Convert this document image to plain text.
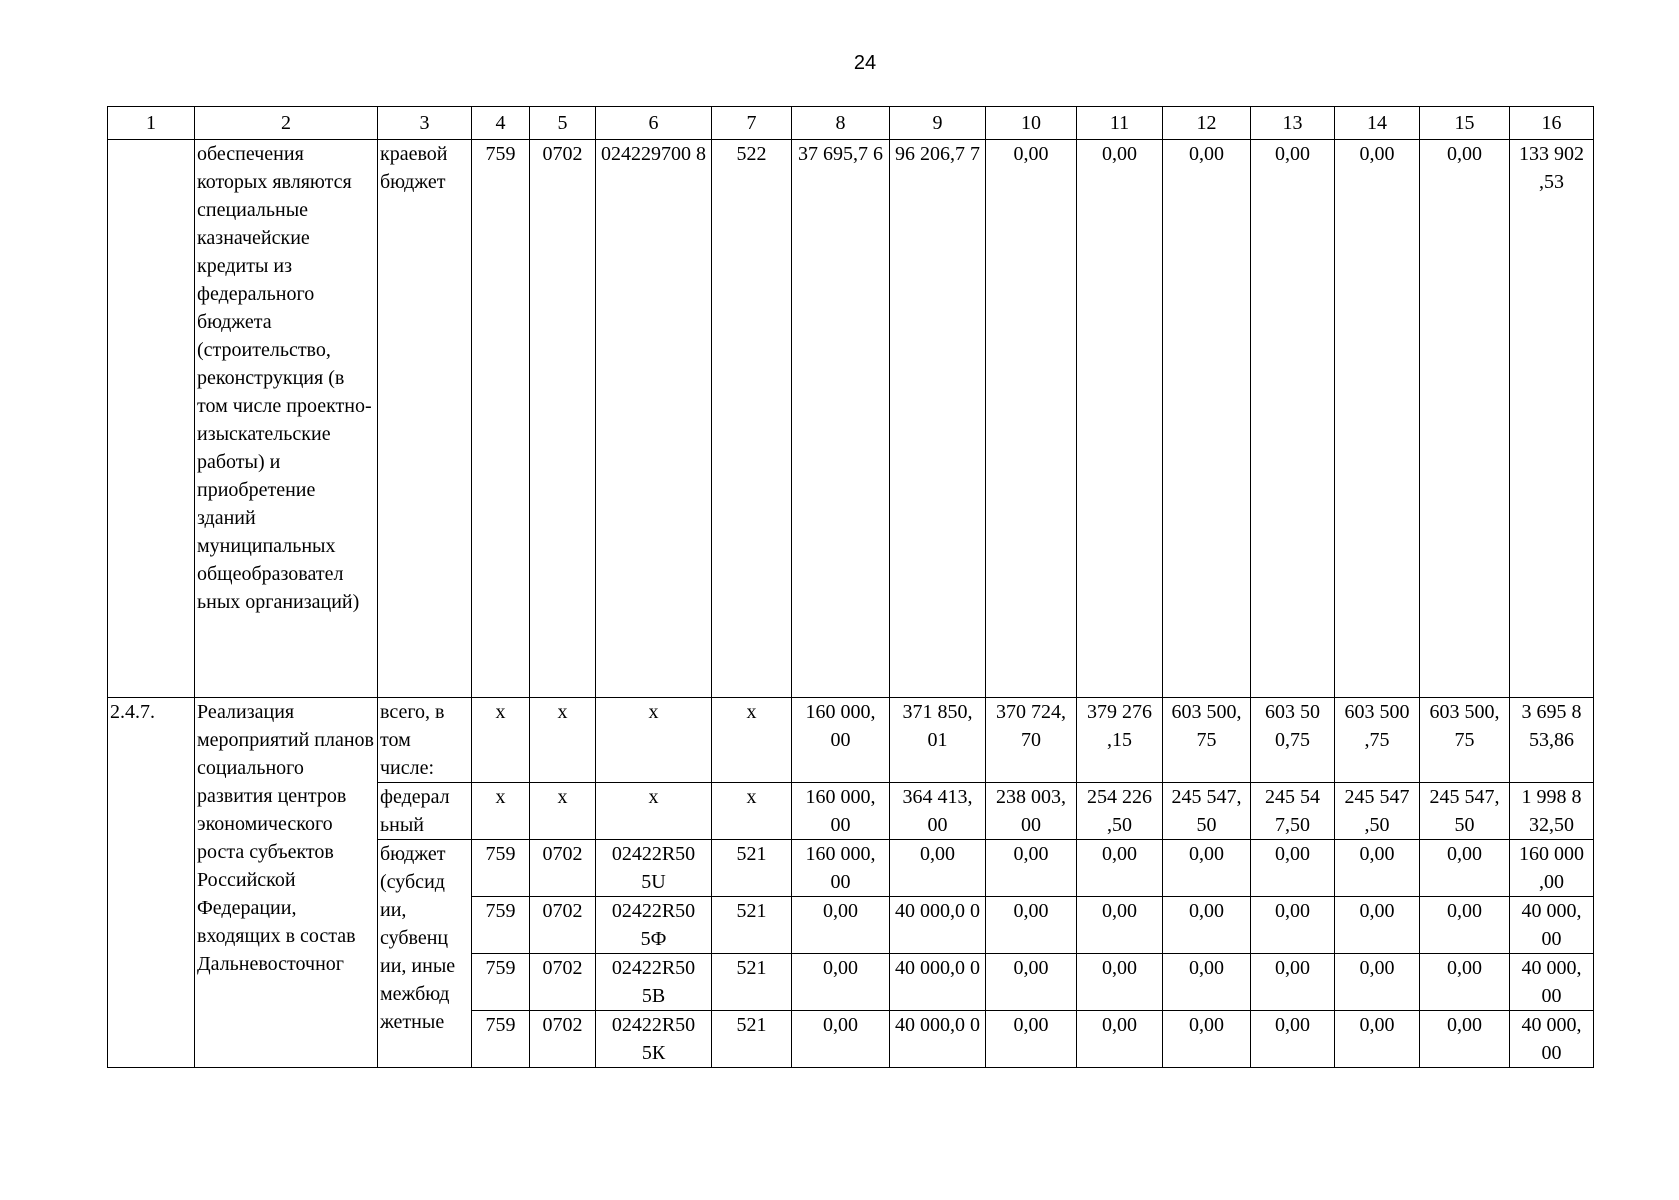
24
1	2	3	4	5	6	7	8	9	10	11	12	13	14	15	16
	обеспечения которых являются специальные казначейские кредиты из федерального бюджета (строительство, реконструкция (в том числе проектно-изыскательские работы) и приобретение зданий муниципальных общеобразовател ьных организаций)	краевой бюджет	759	0702	024229700 8	522	37 695,7 6	96 206,7 7	0,00	0,00	0,00	0,00	0,00	0,00	133 902 ,53
2.4.7.	Реализация мероприятий планов социального развития центров экономического роста субъектов Российской Федерации, входящих в состав Дальневосточног	всего, в том числе:	х	х	х	х	160 000, 00	371 850, 01	370 724, 70	379 276 ,15	603 500, 75	603 50 0,75	603 500 ,75	603 500, 75	3 695 8 53,86
		федерал ьный	х	х	х	х	160 000, 00	364 413, 00	238 003, 00	254 226 ,50	245 547, 50	245 54 7,50	245 547 ,50	245 547, 50	1 998 8 32,50
		бюджет (субсид ии, субвенц ии, иные межбюд жетные	759	0702	02422R50 5U	521	160 000, 00	0,00	0,00	0,00	0,00	0,00	0,00	0,00	160 000 ,00
			759	0702	02422R50 5Ф	521	0,00	40 000,0 0	0,00	0,00	0,00	0,00	0,00	0,00	40 000, 00
			759	0702	02422R50 5В	521	0,00	40 000,0 0	0,00	0,00	0,00	0,00	0,00	0,00	40 000, 00
			759	0702	02422R50 5К	521	0,00	40 000,0 0	0,00	0,00	0,00	0,00	0,00	0,00	40 000, 00
